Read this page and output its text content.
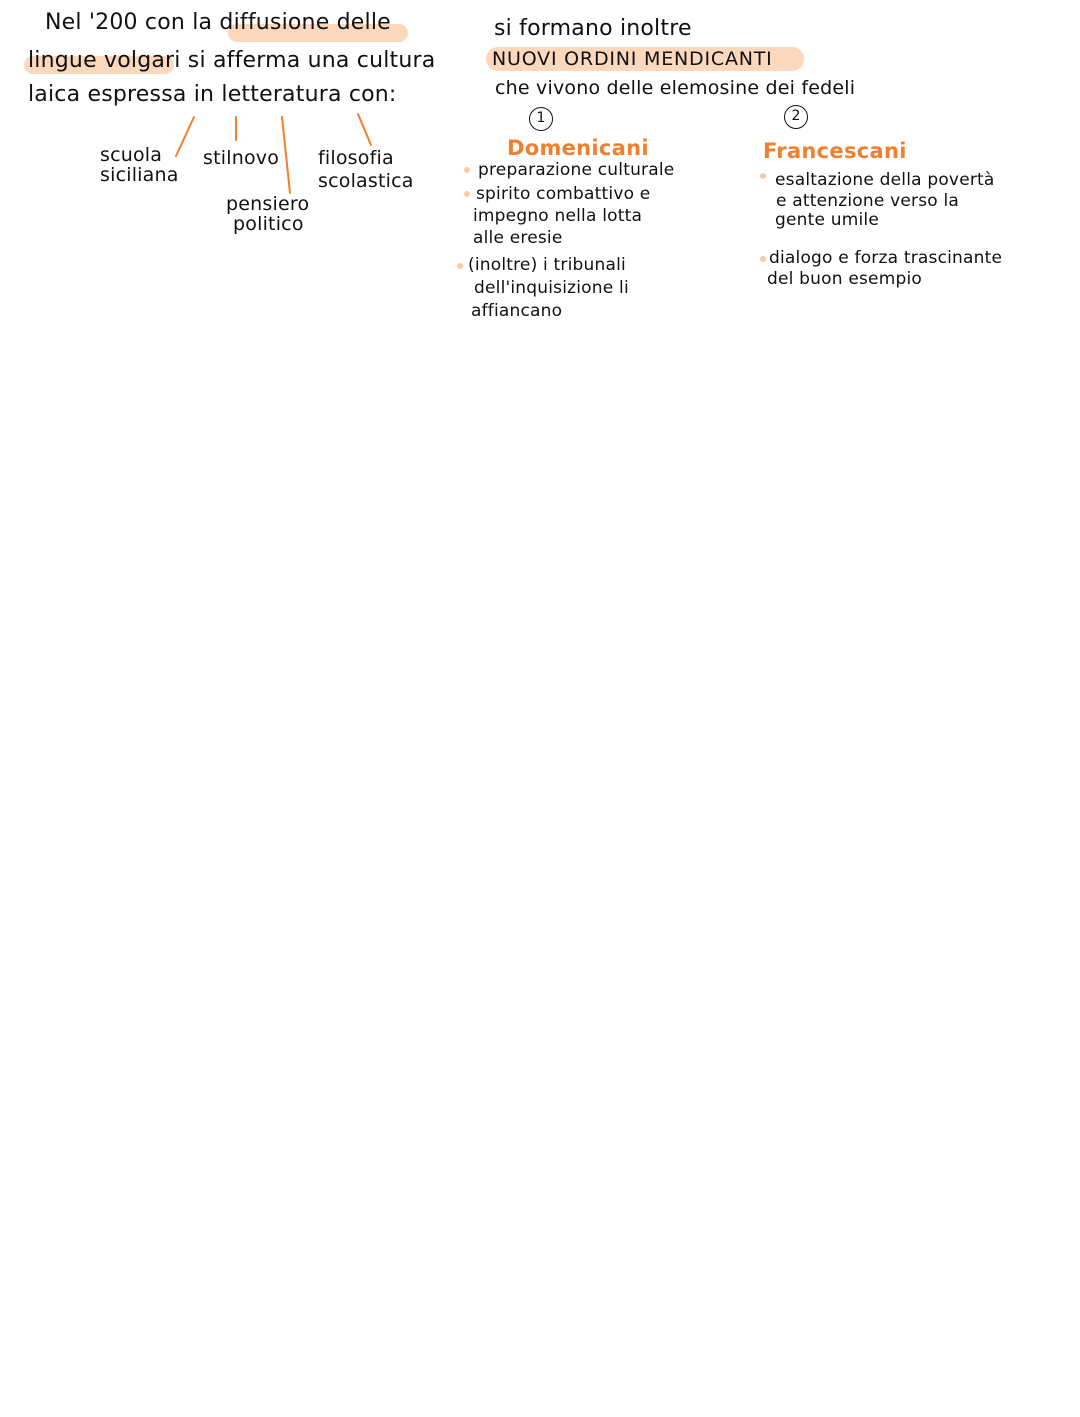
Nel '200 con la diffusione delle
lingue volgari si afferma una cultura
laica espressa in letteratura con:
scuola
siciliana
stilnovo
pensiero
politico
filosofia
scolastica
si formano inoltre
NUOVI ORDINI MENDICANTI
che vivono delle elemosine dei fedeli
1	2
Domenicani
preparazione culturale
spirito combattivo e
impegno nella lotta
alle eresie
(inoltre) i tribunali
dell'inquisizione li
affiancano
Francescani
esaltazione della povertà
e attenzione verso la
gente umile
dialogo e forza trascinante
del buon esempio
